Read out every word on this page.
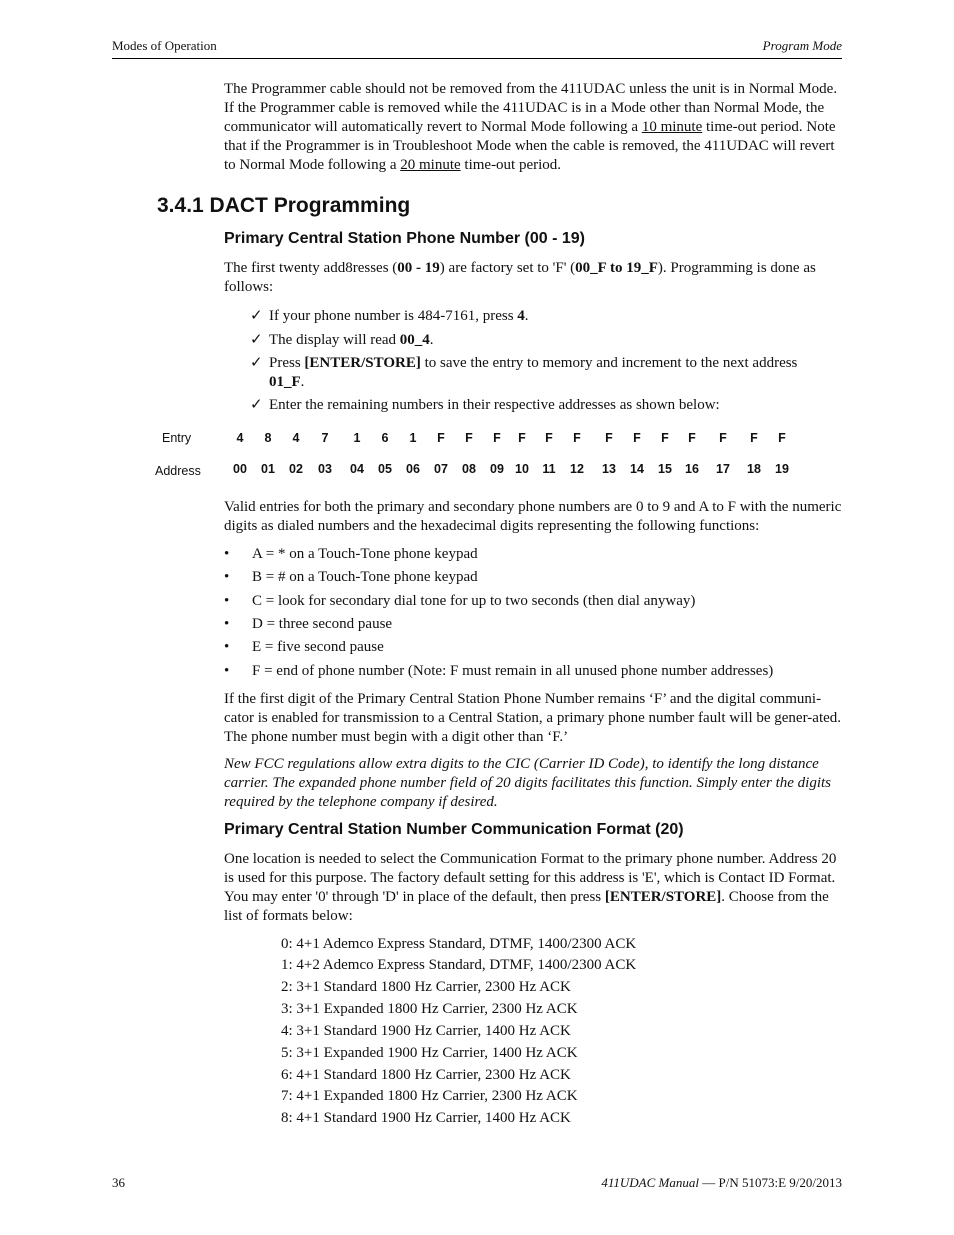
Modes of Operation	Program Mode
The Programmer cable should not be removed from the 411UDAC unless the unit is in Normal Mode. If the Programmer cable is removed while the 411UDAC is in a Mode other than Normal Mode, the communicator will automatically revert to Normal Mode following a 10 minute time-out period. Note that if the Programmer is in Troubleshoot Mode when the cable is removed, the 411UDAC will revert to Normal Mode following a 20 minute time-out period.
3.4.1 DACT Programming
Primary Central Station Phone Number (00 - 19)
The first twenty add8resses (00 - 19) are factory set to 'F' (00_F to 19_F). Programming is done as follows:
✓ If your phone number is 484-7161, press 4.
✓ The display will read 00_4.
✓ Press [ENTER/STORE] to save the entry to memory and increment to the next address
01_F.
✓ Enter the remaining numbers in their respective addresses as shown below:
Entry
Address
4 8 4 7 1 6 1 F F F F F F F F F F F F F
00 01 02 03 04 05 06 07 08 09 10 11 12 13 14 15 16 17 18 19
Valid entries for both the primary and secondary phone numbers are 0 to 9 and A to F with the numeric digits as dialed numbers and the hexadecimal digits representing the following functions:
• A = * on a Touch-Tone phone keypad
• B = # on a Touch-Tone phone keypad
• C = look for secondary dial tone for up to two seconds (then dial anyway)
• D = three second pause
• E = five second pause
• F = end of phone number (Note: F must remain in all unused phone number addresses)
If the first digit of the Primary Central Station Phone Number remains ‘F’ and the digital communi-cator is enabled for transmission to a Central Station, a primary phone number fault will be gener-ated. The phone number must begin with a digit other than ‘F.’
New FCC regulations allow extra digits to the CIC (Carrier ID Code), to identify the long distance carrier. The expanded phone number field of 20 digits facilitates this function. Simply enter the digits required by the telephone company if desired.
Primary Central Station Number Communication Format (20)
One location is needed to select the Communication Format to the primary phone number. Address 20 is used for this purpose. The factory default setting for this address is 'E', which is Contact ID Format. You may enter '0' through 'D' in place of the default, then press [ENTER/STORE]. Choose from the list of formats below:
0: 4+1 Ademco Express Standard, DTMF, 1400/2300 ACK
1: 4+2 Ademco Express Standard, DTMF, 1400/2300 ACK
2: 3+1 Standard 1800 Hz Carrier, 2300 Hz ACK
3: 3+1 Expanded 1800 Hz Carrier, 2300 Hz ACK
4: 3+1 Standard 1900 Hz Carrier, 1400 Hz ACK
5: 3+1 Expanded 1900 Hz Carrier, 1400 Hz ACK
6: 4+1 Standard 1800 Hz Carrier, 2300 Hz ACK
7: 4+1 Expanded 1800 Hz Carrier, 2300 Hz ACK
8: 4+1 Standard 1900 Hz Carrier, 1400 Hz ACK
36	411UDAC Manual — P/N 51073:E 9/20/2013
